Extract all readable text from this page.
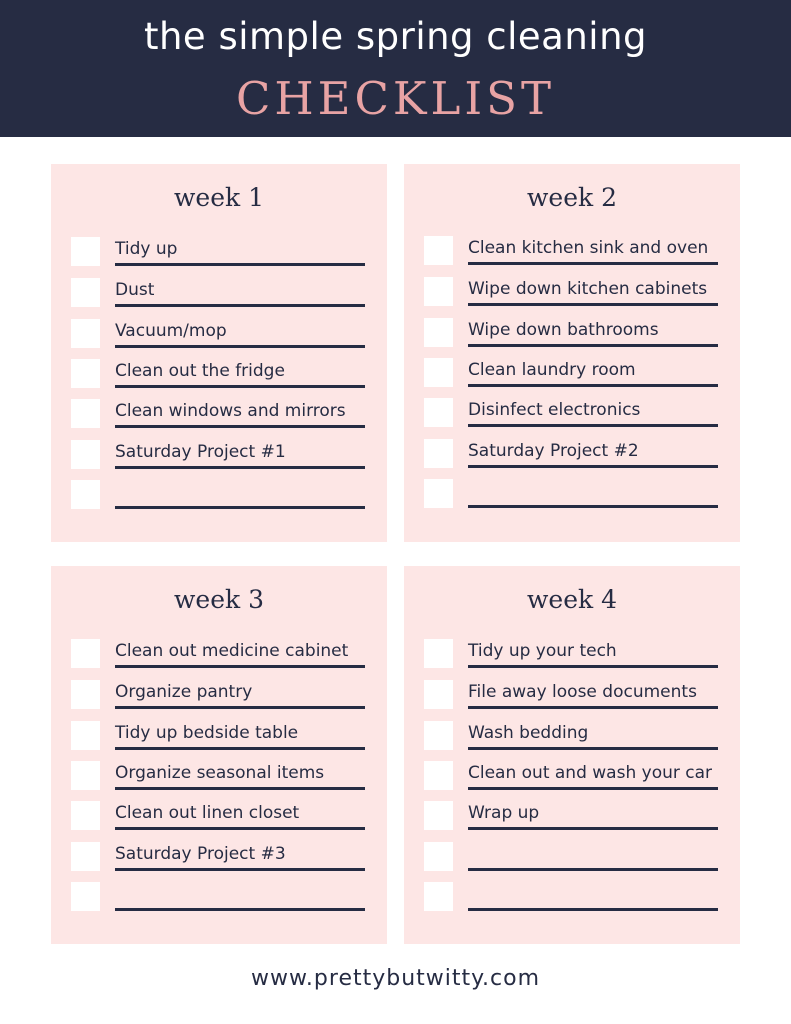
the simple spring cleaning
CHECKLIST
week 1
Tidy up
Dust
Vacuum/mop
Clean out the fridge
Clean windows and mirrors
Saturday Project #1
week 2
Clean kitchen sink and oven
Wipe down kitchen cabinets
Wipe down bathrooms
Clean laundry room
Disinfect electronics
Saturday Project #2
week 3
Clean out medicine cabinet
Organize pantry
Tidy up bedside table
Organize seasonal items
Clean out linen closet
Saturday Project #3
week 4
Tidy up your tech
File away loose documents
Wash bedding
Clean out and wash your car
Wrap up
www.prettybutwitty.com
